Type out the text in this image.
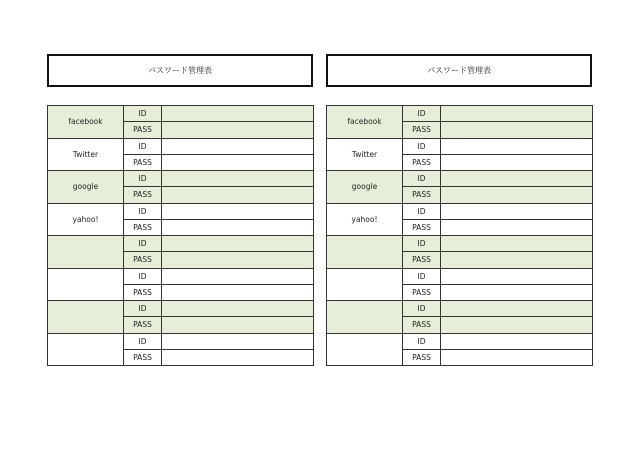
パスワード管理表
facebook	ID	
	PASS	
Twitter	ID	
	PASS	
google	ID	
	PASS	
yahoo!	ID	
	PASS	
	ID	
	PASS	
	ID	
	PASS	
	ID	
	PASS	
	ID	
	PASS	
パスワード管理表
facebook	ID	
	PASS	
Twitter	ID	
	PASS	
google	ID	
	PASS	
yahoo!	ID	
	PASS	
	ID	
	PASS	
	ID	
	PASS	
	ID	
	PASS	
	ID	
	PASS	
